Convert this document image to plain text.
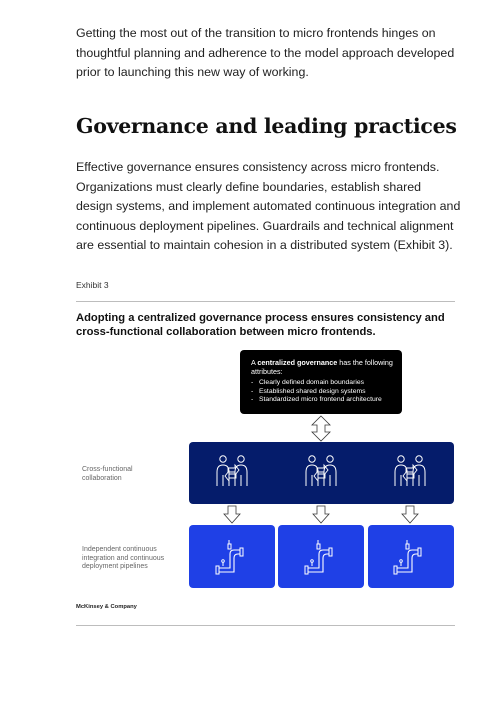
Getting the most out of the transition to micro frontends hinges on thoughtful planning and adherence to the model approach developed prior to launching this new way of working.

Governance and leading practices

Effective governance ensures consistency across micro frontends. Organizations must clearly define boundaries, establish shared design systems, and implement automated continuous integration and continuous deployment pipelines. Guardrails and technical alignment are essential to maintain cohesion in a distributed system (Exhibit 3).

Exhibit 3

Adopting a centralized governance process ensures consistency and cross-functional collaboration between micro frontends.

A centralized governance has the following attributes:

- Clearly defined domain boundaries
- Established shared design systems
- Standardized micro frontend architecture

Cross-functional collaboration

Independent continuous integration and continuous deployment pipelines

McKinsey & Company
